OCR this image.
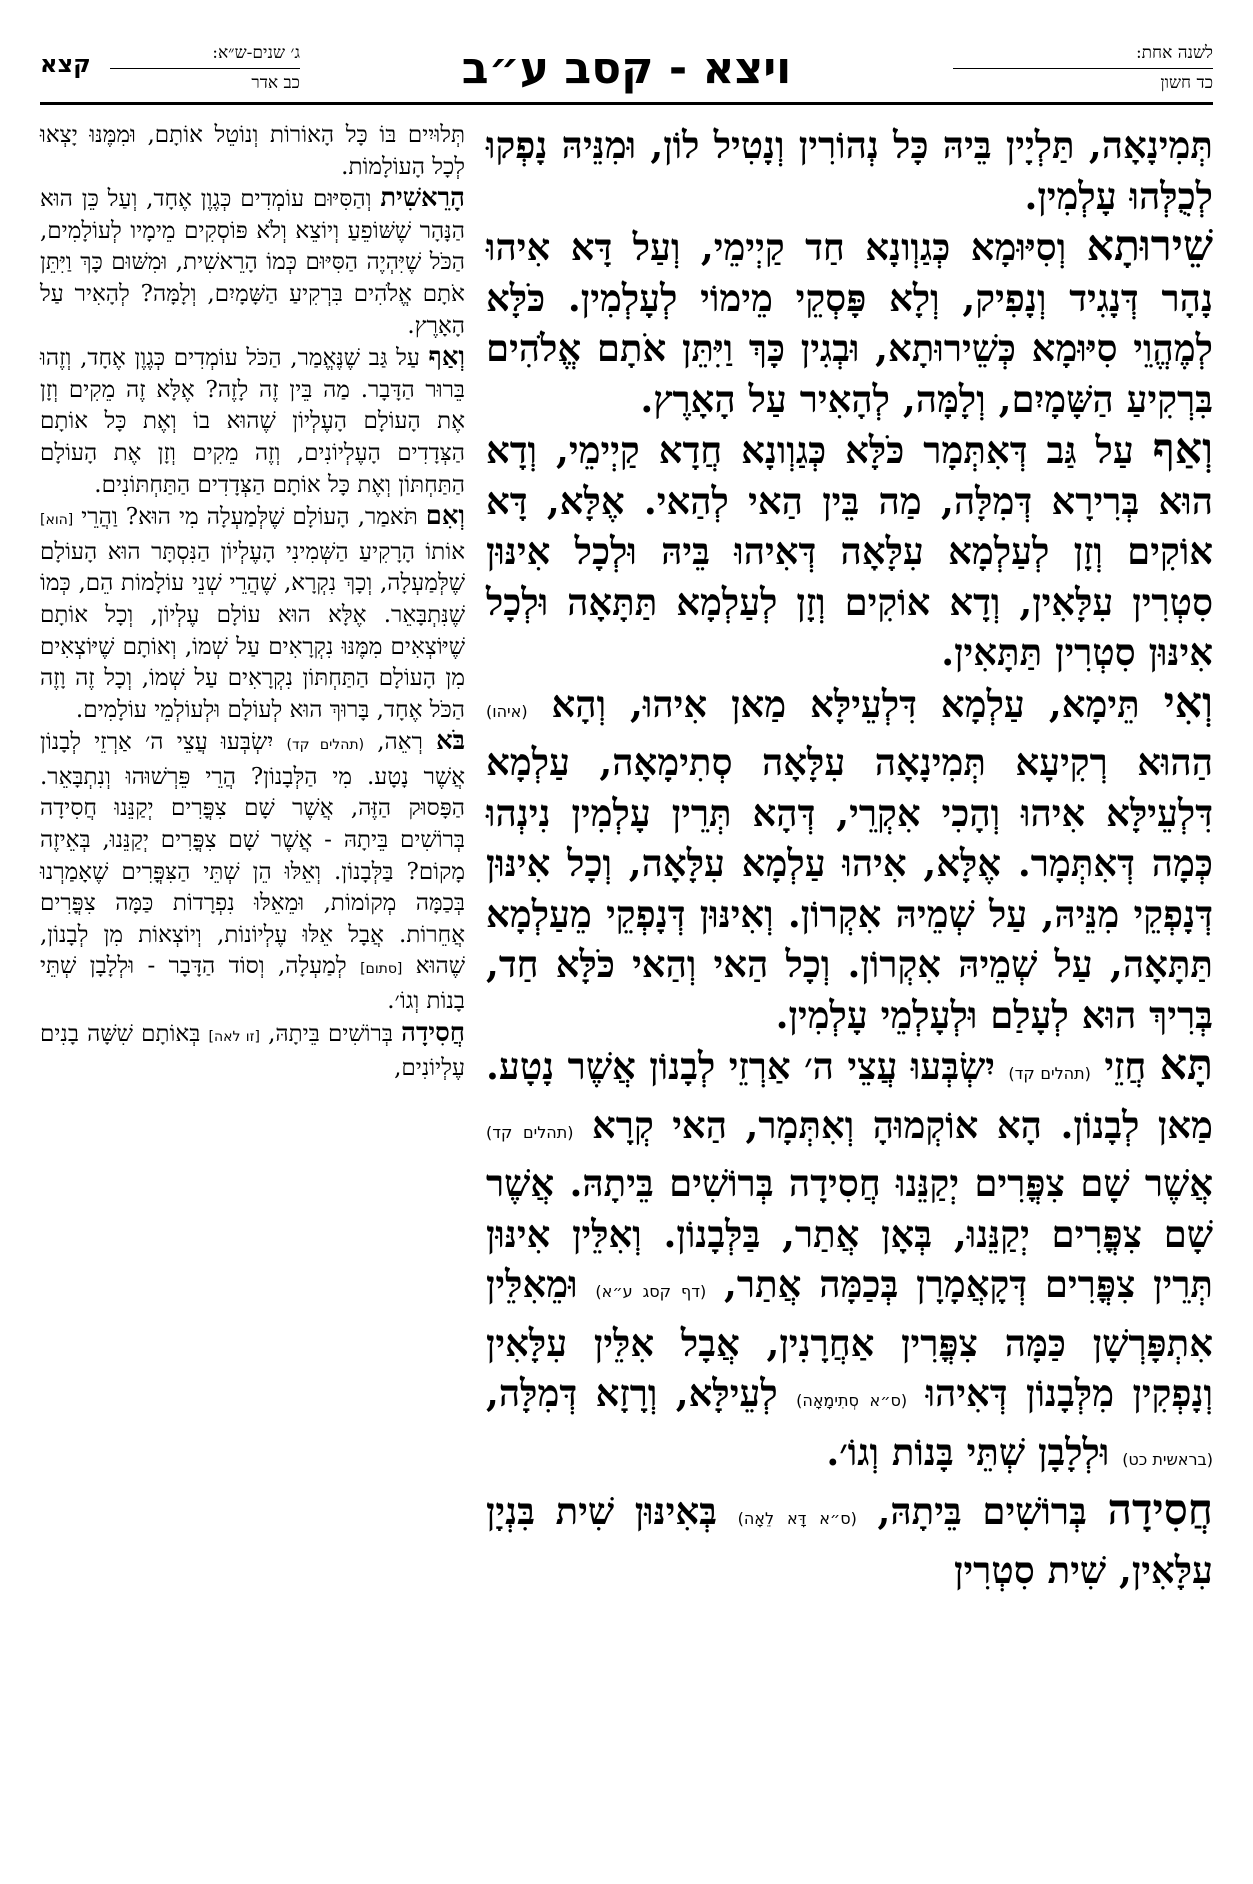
לשנה אחת:
כד חשון
ויצא - קסב ע״ב
ג׳ שנים-ש״א:
כב אדר
קצא

תְּמִינָאָה, תַּלְיָין בֵּיהּ כָּל נְהוֹרִין וְנָטִיל לוֹן, וּמִנֵּיהּ נָפְקוּ לְכֻלְּהוּ עָלְמִין.

שֵׁירוּתָא וְסִיּוּמָא כְּגַוְונָא חַד קַיְימֵי, וְעַל דָּא אִיהוּ נָהָר דְּנָגִיד וְנָפִיק, וְלָא פָּסְקֵי מֵימוֹי לְעָלְמִין. כֹּלָּא לְמֶהֱוֵי סִיּוּמָא כְּשֵׁירוּתָא, וּבְגִין כָּךְ וַיִּתֵּן אֹתָם אֱלֹהִים בִּרְקִיעַ הַשָּׁמָיִם, וְלָמָּה, לְהָאִיר עַל הָאָרֶץ.

וְאַף עַל גַּב דְּאִתְּמָר כֹּלָּא כְּגַוְונָא חֲדָא קַיְימֵי, וְדָא הוּא בְּרִירָא דְּמִלָּה, מַה בֵּין הַאי לְהַאי. אֶלָּא, דָּא אוֹקִים וְזָן לְעַלְמָא עִלָּאָה דְּאִיהוּ בֵּיהּ וּלְכָל אִינּוּן סִטְרִין עִלָּאִין, וְדָא אוֹקִים וְזָן לְעַלְמָא תַּתָּאָה וּלְכָל אִינּוּן סִטְרִין תַּתָּאִין.

וְאִי תֵּימָא, עַלְמָא דִּלְעֵילָּא מַאן אִיהוּ, וְהָא (איהו) הַהוּא רְקִיעָא תְּמִינָאָה עִלָּאָה סְתִימָאָה, עַלְמָא דִּלְעֵילָּא אִיהוּ וְהָכִי אִקְרֵי, דְּהָא תְּרֵין עָלְמִין נִינְהוּ כְּמָה דְּאִתְּמָר. אֶלָּא, אִיהוּ עַלְמָא עִלָּאָה, וְכָל אִינּוּן דְּנָפְקֵי מִנֵּיהּ, עַל שְׁמֵיהּ אִקְרוֹן. וְאִינּוּן דְּנָפְקֵי מֵעַלְמָא תַּתָּאָה, עַל שְׁמֵיהּ אִקְרוֹן. וְכָל הַאי וְהַאי כֹּלָּא חַד, בְּרִיךְ הוּא לְעָלַם וּלְעָלְמֵי עָלְמִין.

תָּא חֲזֵי (תהלים קד) יִשְׂבְּעוּ עֲצֵי ה׳ אַרְזֵי לְבָנוֹן אֲשֶׁר נָטָע. מַאן לְבָנוֹן. הָא אוֹקְמוּהָ וְאִתְּמָר, הַאי קְרָא (תהלים קד) אֲשֶׁר שָׁם צִפֳּרִים יְקַנֵּנוּ חֲסִידָה בְּרוֹשִׁים בֵּיתָהּ. אֲשֶׁר שָׁם צִפֳּרִים יְקַנֵּנוּ, בְּאָן אֲתַר, בַּלְּבָנוֹן. וְאִלֵּין אִינּוּן תְּרֵין צִפֳּרִים דְּקָאֲמָרָן בְּכַמָּה אֲתַר, (דף קסג ע״א) וּמֵאִלֵּין אִתְפָּרְשָׁן כַּמָּה צִפֳּרִין אַחֲרָנִין, אֲבָל אִלֵּין עִלָּאִין וְנָפְקִין מִלְּבָנוֹן דְּאִיהוּ (ס״א סְתִימָאָה) לְעֵילָּא, וְרָזָא דְּמִלָּה, (בראשית כט) וּלְלָבָן שְׁתֵּי בָּנוֹת וְגוֹ׳.

חֲסִידָה בְּרוֹשִׁים בֵּיתָהּ, (ס״א דָּא לֵאָה) בְּאִינּוּן שִׁית בִּנְיָן עִלָּאִין, שִׁית סִטְרִין

תְּלוּיִים בּוֹ כָּל הָאוֹרוֹת וְנוֹטֵל אוֹתָם, וּמִמֶּנּוּ יָצְאוּ לְכָל הָעוֹלָמוֹת.

הָרֵאשִׁית וְהַסִּיּוּם עוֹמְדִים כְּגֶוֶן אֶחָד, וְעַל כֵּן הוּא הַנָּהָר שֶׁשּׁוֹפֵעַ וְיוֹצֵא וְלֹא פּוֹסְקִים מֵימָיו לְעוֹלָמִים, הַכֹּל שֶׁיִּהְיֶה הַסִּיּוּם כְּמוֹ הָרֵאשִׁית, וּמִשּׁוּם כָּךְ וַיִּתֵּן אֹתָם אֱלֹהִים בִּרְקִיעַ הַשָּׁמָיִם, וְלָמָּה? לְהָאִיר עַל הָאָרֶץ.

וְאַף עַל גַּב שֶׁנֶּאֱמַר, הַכֹּל עוֹמְדִים כְּגֶוֶן אֶחָד, וְזֶהוּ בֵּרוּר הַדָּבָר. מַה בֵּין זֶה לָזֶה? אֶלָּא זֶה מֵקִים וְזָן אֶת הָעוֹלָם הָעֶלְיוֹן שֶׁהוּא בוֹ וְאֶת כָּל אוֹתָם הַצְּדָדִים הָעֶלְיוֹנִים, וְזֶה מֵקִים וְזָן אֶת הָעוֹלָם הַתַּחְתּוֹן וְאֶת כָּל אוֹתָם הַצְּדָדִים הַתַּחְתּוֹנִים.

וְאִם תֹּאמַר, הָעוֹלָם שֶׁלְּמַעְלָה מִי הוּא? וַהֲרֵי [הוא] אוֹתוֹ הָרָקִיעַ הַשְּׁמִינִי הָעֶלְיוֹן הַנִּסְתָּר הוּא הָעוֹלָם שֶׁלְּמַעְלָה, וְכָךְ נִקְרָא, שֶׁהֲרֵי שְׁנֵי עוֹלָמוֹת הֵם, כְּמוֹ שֶׁנִּתְבָּאֵר. אֶלָּא הוּא עוֹלָם עֶלְיוֹן, וְכָל אוֹתָם שֶׁיּוֹצְאִים מִמֶּנּוּ נִקְרָאִים עַל שְׁמוֹ, וְאוֹתָם שֶׁיּוֹצְאִים מִן הָעוֹלָם הַתַּחְתּוֹן נִקְרָאִים עַל שְׁמוֹ, וְכָל זֶה וָזֶה הַכֹּל אֶחָד, בָּרוּךְ הוּא לְעוֹלָם וּלְעוֹלְמֵי עוֹלָמִים.

בֹּא רְאֵה, (תהלים קד) יִשְׂבְּעוּ עֲצֵי ה׳ אַרְזֵי לְבָנוֹן אֲשֶׁר נָטָע. מִי הַלְּבָנוֹן? הֲרֵי פֵּרְשׁוּהוּ וְנִתְבָּאֵר. הַפָּסוּק הַזֶּה, אֲשֶׁר שָׁם צִפֳּרִים יְקַנֵּנוּ חֲסִידָה בְּרוֹשִׁים בֵּיתָהּ - אֲשֶׁר שָׁם צִפֳּרִים יְקַנֵּנוּ, בְּאֵיזֶה מָקוֹם? בַּלְּבָנוֹן. וְאֵלּוּ הֵן שְׁתֵּי הַצִּפֳּרִים שֶׁאָמַרְנוּ בְּכַמָּה מְקוֹמוֹת, וּמֵאֵלּוּ נִפְרָדוֹת כַּמָּה צִפֳּרִים אֲחֵרוֹת. אֲבָל אֵלּוּ עֶלְיוֹנוֹת, וְיוֹצְאוֹת מִן לְבָנוֹן, שֶׁהוּא [סתום] לְמַעְלָה, וְסוֹד הַדָּבָר - וּלְלָבָן שְׁתֵּי בָנוֹת וְגוֹ׳.

חֲסִידָה בְּרוֹשִׁים בֵּיתָהּ, [זו לאה] בְּאוֹתָם שִׁשָּׁה בָנִים עֶלְיוֹנִים,
